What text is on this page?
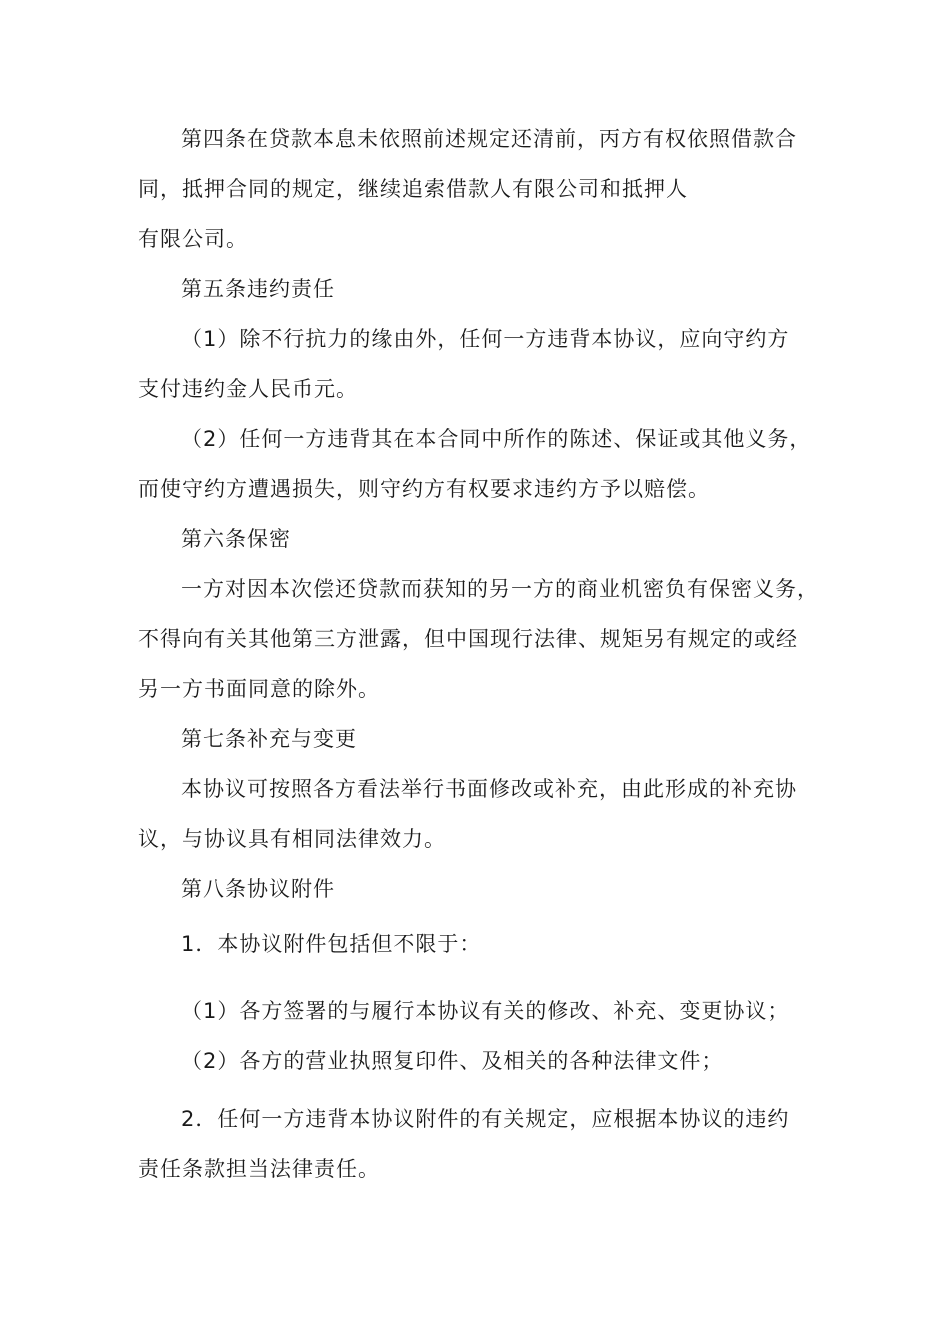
第四条在贷款本息未依照前述规定还清前，丙方有权依照借款合
同，抵押合同的规定，继续追索借款人有限公司和抵押人
有限公司。
第五条违约责任
（1）除不行抗力的缘由外，任何一方违背本协议，应向守约方
支付违约金人民币元。
（2）任何一方违背其在本合同中所作的陈述、保证或其他义务，
而使守约方遭遇损失，则守约方有权要求违约方予以赔偿。
第六条保密
一方对因本次偿还贷款而获知的另一方的商业机密负有保密义务，
不得向有关其他第三方泄露，但中国现行法律、规矩另有规定的或经
另一方书面同意的除外。
第七条补充与变更
本协议可按照各方看法举行书面修改或补充，由此形成的补充协
议，与协议具有相同法律效力。
第八条协议附件
1．本协议附件包括但不限于：
（1）各方签署的与履行本协议有关的修改、补充、变更协议；
（2）各方的营业执照复印件、及相关的各种法律文件；
2．任何一方违背本协议附件的有关规定，应根据本协议的违约
责任条款担当法律责任。
